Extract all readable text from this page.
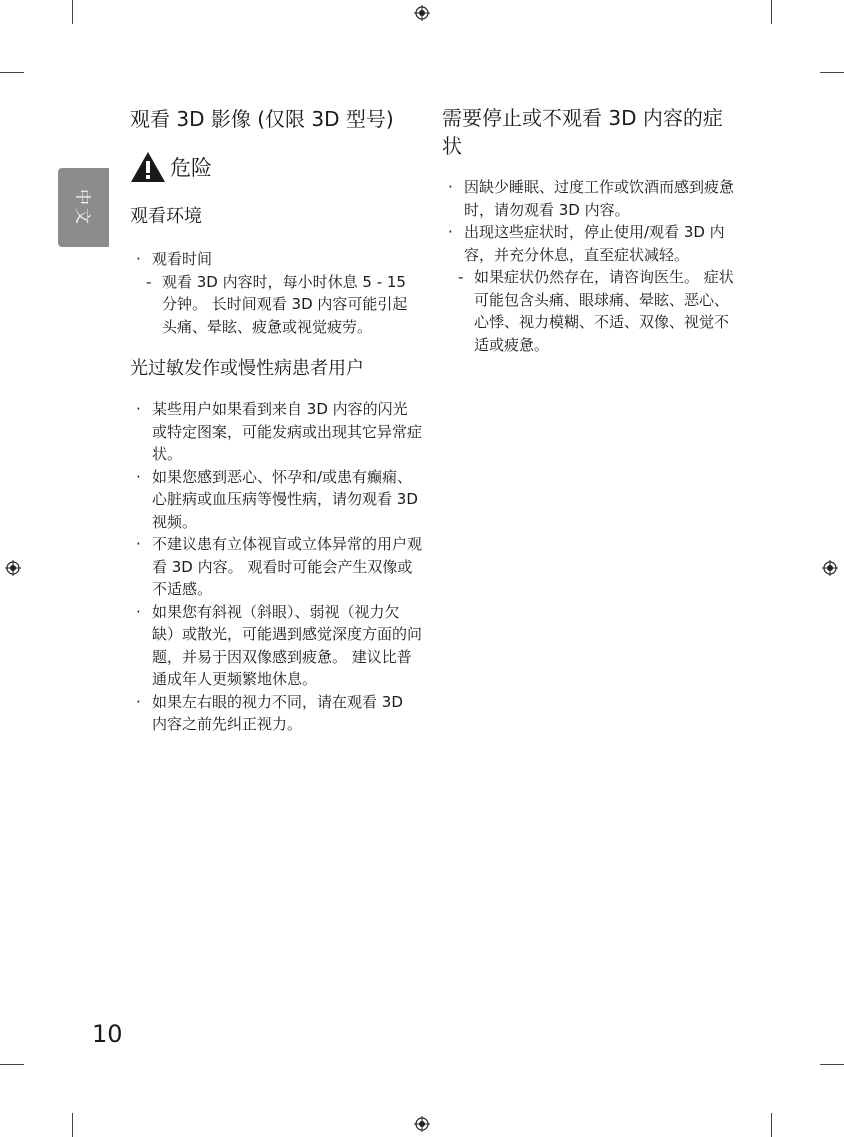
中文
观看 3D 影像 (仅限 3D 型号)
危险
观看环境
· 观看时间
- 观看 3D 内容时，每小时休息 5 - 15 分钟。 长时间观看 3D 内容可能引起头痛、晕眩、疲惫或视觉疲劳。
光过敏发作或慢性病患者用户
· 某些用户如果看到来自 3D 内容的闪光或特定图案，可能发病或出现其它异常症状。
· 如果您感到恶心、怀孕和/或患有癫痫、心脏病或血压病等慢性病，请勿观看 3D 视频。
· 不建议患有立体视盲或立体异常的用户观看 3D 内容。 观看时可能会产生双像或不适感。
· 如果您有斜视（斜眼）、弱视（视力欠缺）或散光，可能遇到感觉深度方面的问题，并易于因双像感到疲惫。 建议比普通成年人更频繁地休息。
· 如果左右眼的视力不同，请在观看 3D 内容之前先纠正视力。
需要停止或不观看 3D 内容的症状
· 因缺少睡眠、过度工作或饮酒而感到疲惫时，请勿观看 3D 内容。
· 出现这些症状时，停止使用/观看 3D 内容，并充分休息，直至症状减轻。
- 如果症状仍然存在，请咨询医生。 症状可能包含头痛、眼球痛、晕眩、恶心、心悸、视力模糊、不适、双像、视觉不适或疲惫。
10
